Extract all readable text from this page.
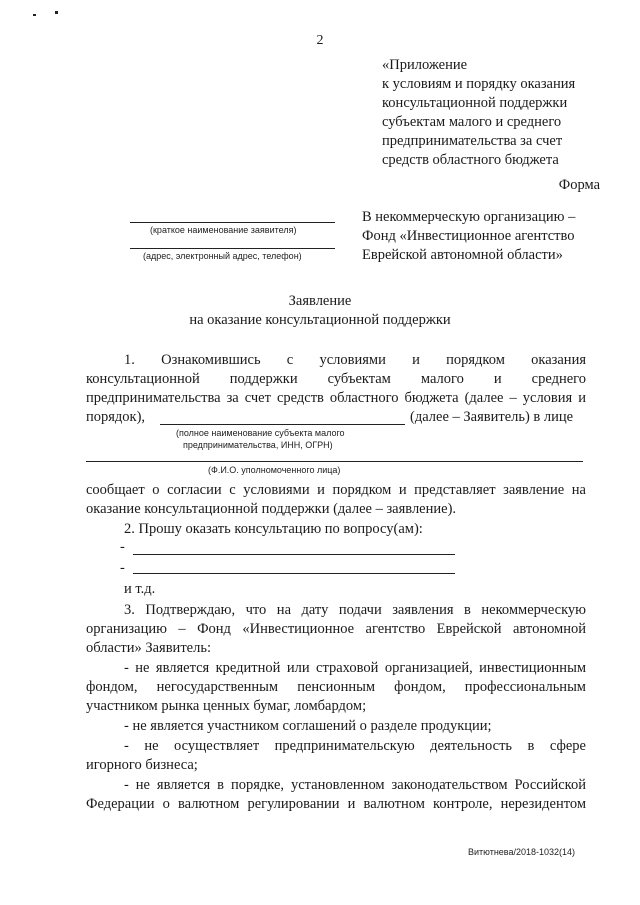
2
«Приложение
к условиям и порядку оказания
консультационной поддержки
субъектам малого и среднего
предпринимательства за счет
средств областного бюджета
Форма
(краткое наименование заявителя)
(адрес, электронный адрес, телефон)
В некоммерческую организацию –
Фонд «Инвестиционное агентство
Еврейской автономной области»
Заявление
на оказание консультационной поддержки
1. Ознакомившись с условиями и порядком оказания
консультационной поддержки субъектам малого и среднего
предпринимательства за счет средств областного бюджета (далее – условия и
порядок),	(далее – Заявитель) в лице
(полное наименование субъекта малого
предпринимательства, ИНН, ОГРН)
(Ф.И.О. уполномоченного лица)
сообщает о согласии с условиями и порядком и представляет заявление на
оказание консультационной поддержки (далее – заявление).
2. Прошу оказать консультацию по вопросу(ам):
-
-
и т.д.
3. Подтверждаю, что на дату подачи заявления в некоммерческую
организацию – Фонд «Инвестиционное агентство Еврейской автономной
области» Заявитель:
- не является кредитной или страховой организацией, инвестиционным
фондом, негосударственным пенсионным фондом, профессиональным
участником рынка ценных бумаг, ломбардом;
- не является участником соглашений о разделе продукции;
- не осуществляет предпринимательскую деятельность в сфере
игорного бизнеса;
- не является в порядке, установленном законодательством Российской
Федерации о валютном регулировании и валютном контроле, нерезидентом
Витютнева/2018-1032(14)
